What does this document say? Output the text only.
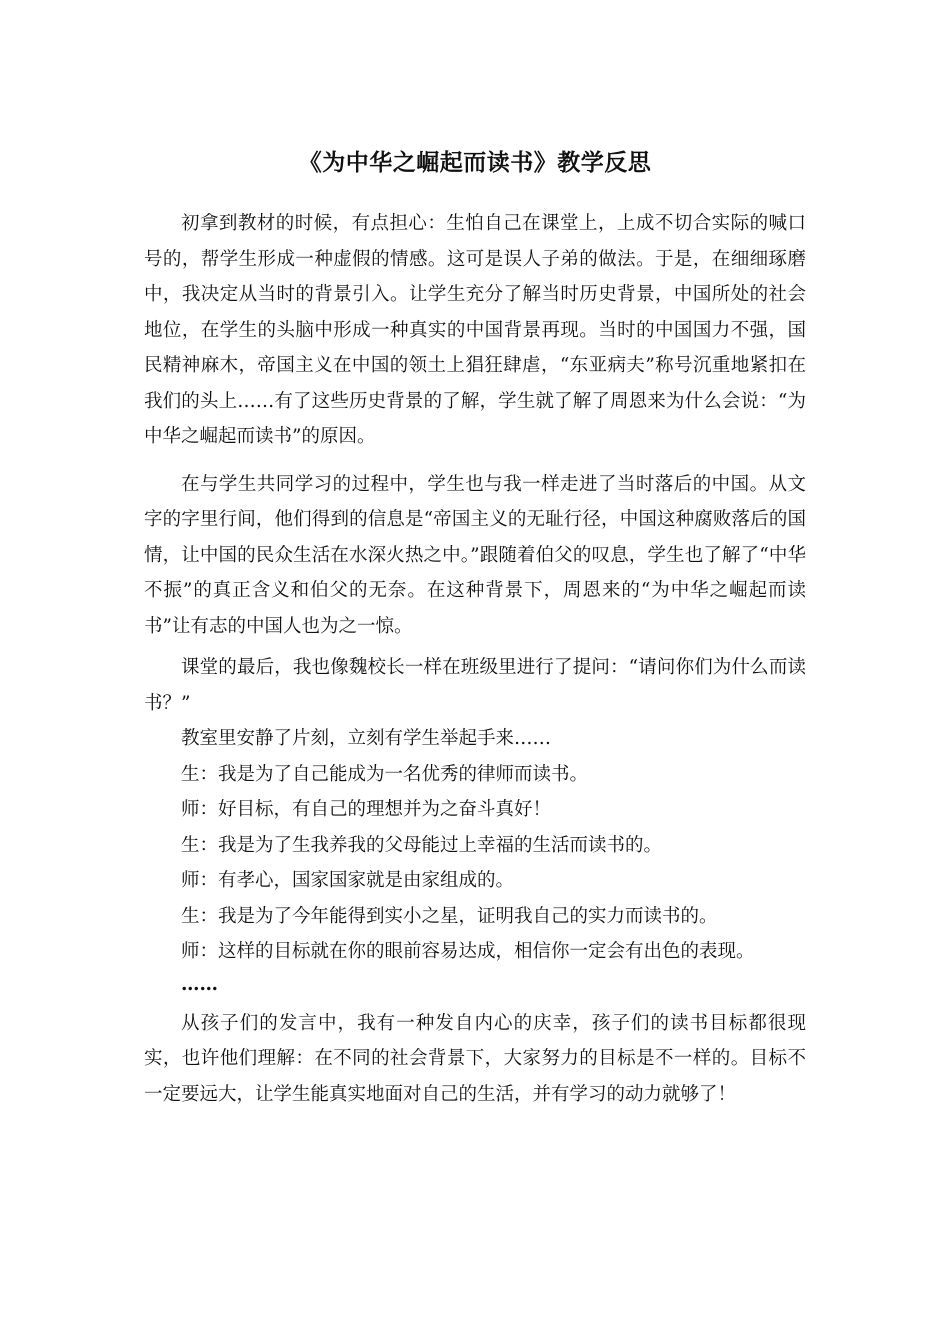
《为中华之崛起而读书》教学反思

初拿到教材的时候，有点担心：生怕自己在课堂上，上成不切合实际的喊口号的，帮学生形成一种虚假的情感。这可是误人子弟的做法。于是，在细细琢磨中，我决定从当时的背景引入。让学生充分了解当时历史背景，中国所处的社会地位，在学生的头脑中形成一种真实的中国背景再现。当时的中国国力不强，国民精神麻木，帝国主义在中国的领土上猖狂肆虐，“东亚病夫”称号沉重地紧扣在我们的头上……有了这些历史背景的了解，学生就了解了周恩来为什么会说：“为中华之崛起而读书”的原因。

在与学生共同学习的过程中，学生也与我一样走进了当时落后的中国。从文字的字里行间，他们得到的信息是“帝国主义的无耻行径，中国这种腐败落后的国情，让中国的民众生活在水深火热之中。”跟随着伯父的叹息，学生也了解了“中华不振”的真正含义和伯父的无奈。在这种背景下，周恩来的“为中华之崛起而读书”让有志的中国人也为之一惊。

课堂的最后，我也像魏校长一样在班级里进行了提问：“请问你们为什么而读书？”

教室里安静了片刻，立刻有学生举起手来……

生：我是为了自己能成为一名优秀的律师而读书。

师：好目标，有自己的理想并为之奋斗真好！

生：我是为了生我养我的父母能过上幸福的生活而读书的。

师：有孝心，国家国家就是由家组成的。

生：我是为了今年能得到实小之星，证明我自己的实力而读书的。

师：这样的目标就在你的眼前容易达成，相信你一定会有出色的表现。

……

从孩子们的发言中，我有一种发自内心的庆幸，孩子们的读书目标都很现实，也许他们理解：在不同的社会背景下，大家努力的目标是不一样的。目标不一定要远大，让学生能真实地面对自己的生活，并有学习的动力就够了！
